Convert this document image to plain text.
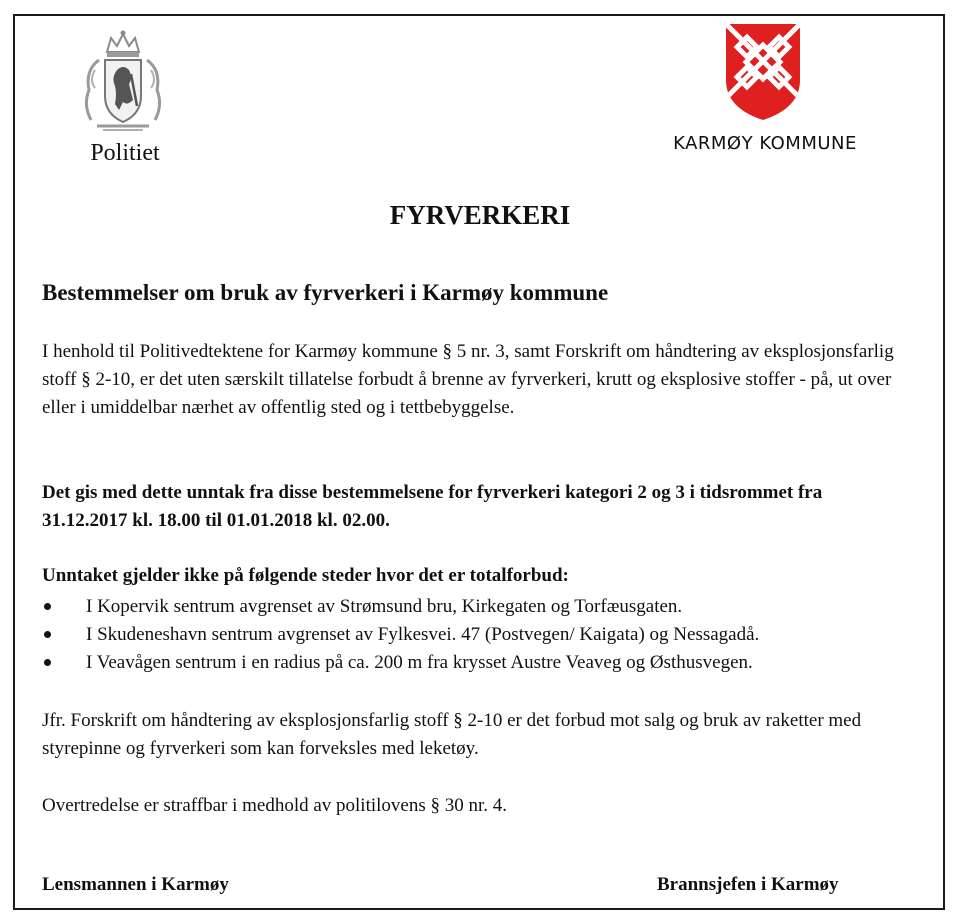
Politiet	KARMØY KOMMUNE
FYRVERKERI
Bestemmelser om bruk av fyrverkeri i Karmøy kommune
I henhold til Politivedtektene for Karmøy kommune § 5 nr. 3, samt Forskrift om håndtering av eksplosjonsfarlig stoff § 2-10, er det uten særskilt tillatelse forbudt å brenne av fyrverkeri, krutt og eksplosive stoffer - på, ut over eller i umiddelbar nærhet av offentlig sted og i tettbebyggelse.
Det gis med dette unntak fra disse bestemmelsene for fyrverkeri kategori 2 og 3 i tidsrommet fra 31.12.2017 kl. 18.00 til 01.01.2018 kl. 02.00.
Unntaket gjelder ikke på følgende steder hvor det er totalforbud:
I Kopervik sentrum avgrenset av Strømsund bru, Kirkegaten og Torfæusgaten.
I Skudeneshavn sentrum avgrenset av Fylkesvei. 47 (Postvegen/ Kaigata) og Nessagadå.
I Veavågen sentrum i en radius på ca. 200 m fra krysset Austre Veaveg og Østhusvegen.
Jfr. Forskrift om håndtering av eksplosjonsfarlig stoff § 2-10 er det forbud mot salg og bruk av raketter med styrepinne og fyrverkeri som kan forveksles med leketøy.
Overtredelse er straffbar i medhold av politilovens § 30 nr. 4.
Lensmannen i Karmøy	Brannsjefen i Karmøy
